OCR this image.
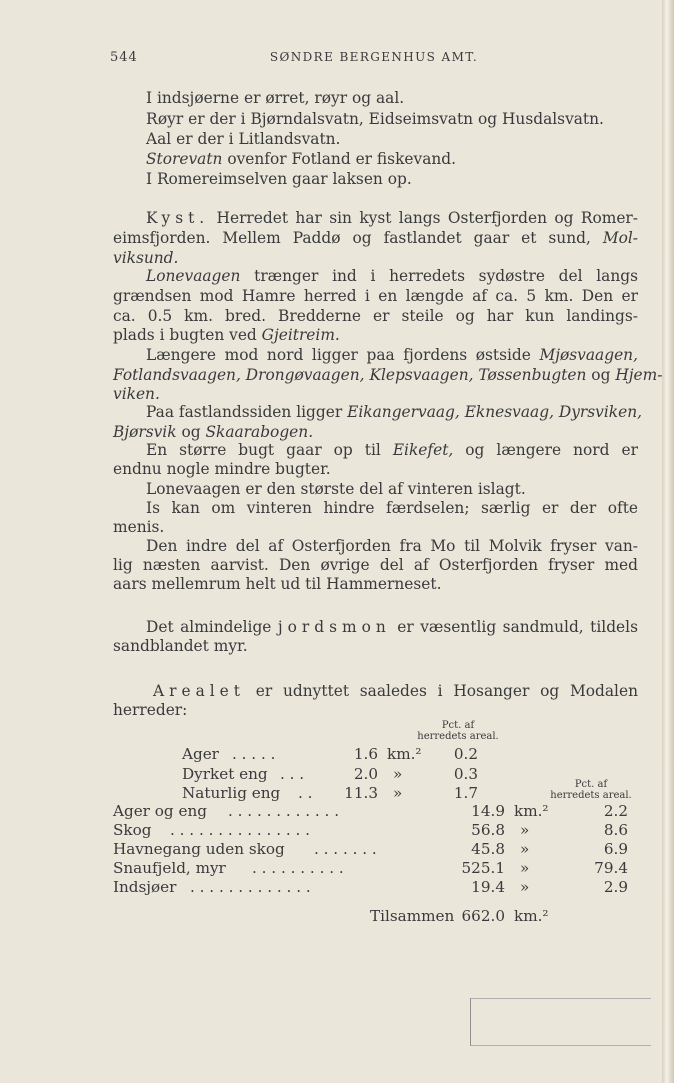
544	SØNDRE BERGENHUS AMT.
I indsjøerne er ørret, røyr og aal.
Røyr er der i Bjørndalsvatn, Eidseimsvatn og Husdalsvatn.
Aal er der i Litlandsvatn.
Storevatn ovenfor Fotland er fiskevand.
I Romereimselven gaar laksen op.
Kyst. Herredet har sin kyst langs Osterfjorden og Romer-
eimsfjorden. Mellem Paddø og fastlandet gaar et sund, Mol-
viksund.
Lonevaagen trænger ind i herredets sydøstre del langs
grændsen mod Hamre herred i en længde af ca. 5 km. Den er
ca. 0.5 km. bred. Bredderne er steile og har kun landings-
plads i bugten ved Gjeitreim.
Længere mod nord ligger paa fjordens østside Mjøsvaagen,
Fotlandsvaagen, Drongøvaagen, Klepsvaagen, Tøssenbugten og Hjem-
viken.
Paa fastlandssiden ligger Eikangervaag, Eknesvaag, Dyrsviken,
Bjørsvik og Skaarabogen.
En større bugt gaar op til Eikefet, og længere nord er
endnu nogle mindre bugter.
Lonevaagen er den største del af vinteren islagt.
Is kan om vinteren hindre færdselen; særlig er der ofte
menis.
Den indre del af Osterfjorden fra Mo til Molvik fryser van-
lig næsten aarvist. Den øvrige del af Osterfjorden fryser med
aars mellemrum helt ud til Hammerneset.
Det almindelige jordsmon er væsentlig sandmuld, tildels
sandblandet myr.
Arealet er udnyttet saaledes i Hosanger og Modalen
herreder:
Pct. af
herredets areal.
Pct. af
herredets areal.
Ager . . . . .	1.6 km.²	0.2
Dyrket eng . . .	2.0 »	0.3
Naturlig eng . .	11.3 »	1.7
Ager og eng . . . . . . . . . . . .	14.9 km.²	2.2
Skog . . . . . . . . . . . . . . .	56.8 »	8.6
Havnegang uden skog . . . . . . .	45.8 »	6.9
Snaufjeld, myr . . . . . . . . . .	525.1 »	79.4
Indsjøer . . . . . . . . . . . . .	19.4 »	2.9
Tilsammen 662.0 km.²
